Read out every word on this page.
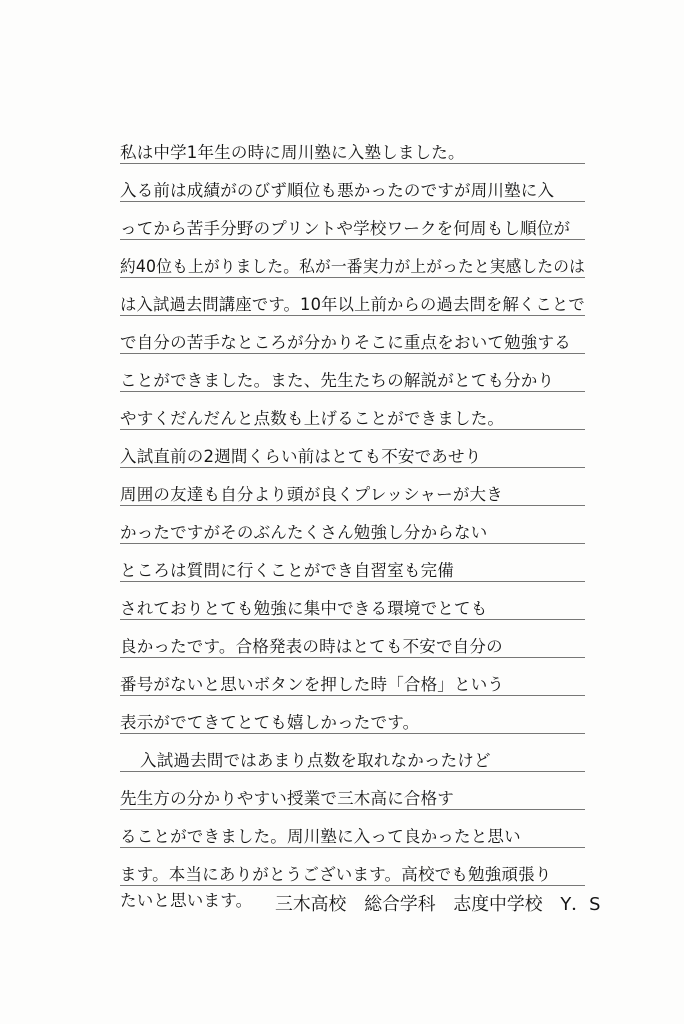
私は中学1年生の時に周川塾に入塾しました。
入る前は成績がのびず順位も悪かったのですが周川塾に入
ってから苦手分野のプリントや学校ワークを何周もし順位が
約40位も上がりました。私が一番実力が上がったと実感したのは
は入試過去問講座です。10年以上前からの過去問を解くことで
で自分の苦手なところが分かりそこに重点をおいて勉強する
ことができました。また、先生たちの解説がとても分かり
やすくだんだんと点数も上げることができました。
入試直前の2週間くらい前はとても不安であせり
周囲の友達も自分より頭が良くプレッシャーが大き
かったですがそのぶんたくさん勉強し分からない
ところは質問に行くことができ自習室も完備
されておりとても勉強に集中できる環境でとても
良かったです。合格発表の時はとても不安で自分の
番号がないと思いボタンを押した時「合格」という
表示がでてきてとても嬉しかったです。
入試過去問ではあまり点数を取れなかったけど
先生方の分かりやすい授業で三木高に合格す
ることができました。周川塾に入って良かったと思い
ます。本当にありがとうございます。高校でも勉強頑張り
たいと思います。 三木高校　総合学科　志度中学校　Y．S
